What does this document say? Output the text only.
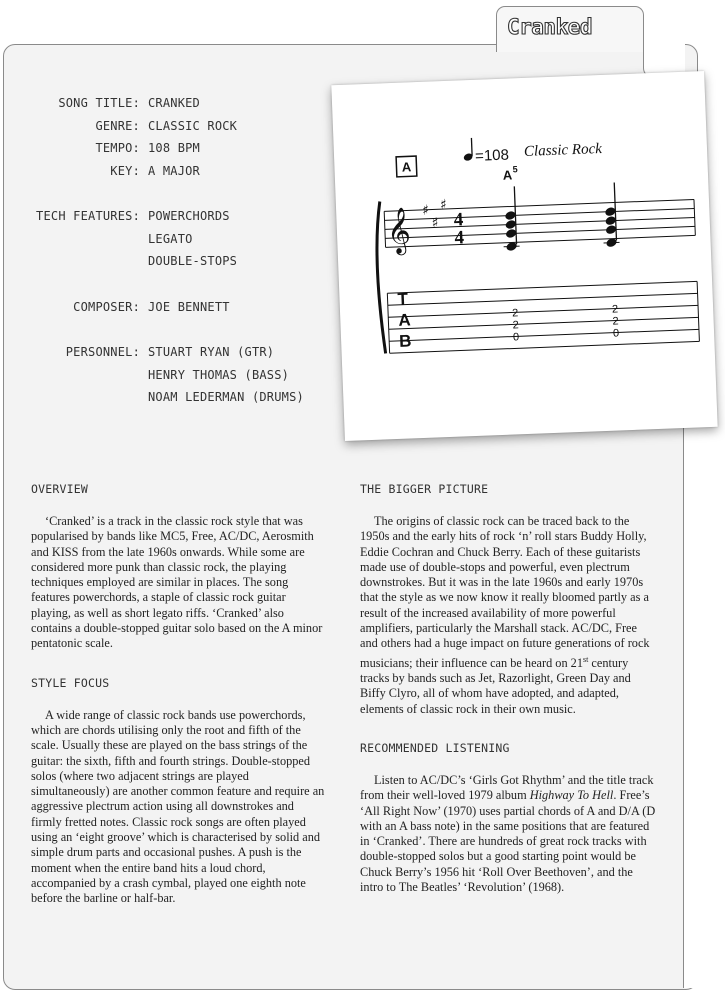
Cranked
SONG TITLE: CRANKED
GENRE: CLASSIC ROCK
TEMPO: 108 BPM
KEY: A MAJOR
TECH FEATURES: POWERCHORDS
LEGATO
DOUBLE-STOPS
COMPOSER: JOE BENNETT
PERSONNEL: STUART RYAN (GTR)
HENRY THOMAS (BASS)
NOAM LEDERMAN (DRUMS)
A
=108 Classic Rock
A 5
𝄞 ♯
♯
♯
4
4
T
A
B
2
2
0
2
2
0
OVERVIEW

‘Cranked’ is a track in the classic rock style that was popularised by bands like MC5, Free, AC/DC, Aerosmith and KISS from the late 1960s onwards. While some are considered more punk than classic rock, the playing techniques employed are similar in places. The song features powerchords, a staple of classic rock guitar playing, as well as short legato riffs. ‘Cranked’ also contains a double-stopped guitar solo based on the A minor pentatonic scale.

STYLE FOCUS

A wide range of classic rock bands use powerchords, which are chords utilising only the root and fifth of the scale. Usually these are played on the bass strings of the guitar: the sixth, fifth and fourth strings. Double-stopped solos (where two adjacent strings are played simultaneously) are another common feature and require an aggressive plectrum action using all downstrokes and firmly fretted notes. Classic rock songs are often played using an ‘eight groove’ which is characterised by solid and simple drum parts and occasional pushes. A push is the moment when the entire band hits a loud chord, accompanied by a crash cymbal, played one eighth note before the barline or half-bar.

THE BIGGER PICTURE

The origins of classic rock can be traced back to the 1950s and the early hits of rock ‘n’ roll stars Buddy Holly, Eddie Cochran and Chuck Berry. Each of these guitarists made use of double-stops and powerful, even plectrum downstrokes. But it was in the late 1960s and early 1970s that the style as we now know it really bloomed partly as a result of the increased availability of more powerful amplifiers, particularly the Marshall stack. AC/DC, Free and others had a huge impact on future generations of rock musicians; their influence can be heard on 21st century tracks by bands such as Jet, Razorlight, Green Day and Biffy Clyro, all of whom have adopted, and adapted, elements of classic rock in their own music.

RECOMMENDED LISTENING

Listen to AC/DC’s ‘Girls Got Rhythm’ and the title track from their well-loved 1979 album Highway To Hell. Free’s ‘All Right Now’ (1970) uses partial chords of A and D/A (D with an A bass note) in the same positions that are featured in ‘Cranked’. There are hundreds of great rock tracks with double-stopped solos but a good starting point would be Chuck Berry’s 1956 hit ‘Roll Over Beethoven’, and the intro to The Beatles’ ‘Revolution’ (1968).
